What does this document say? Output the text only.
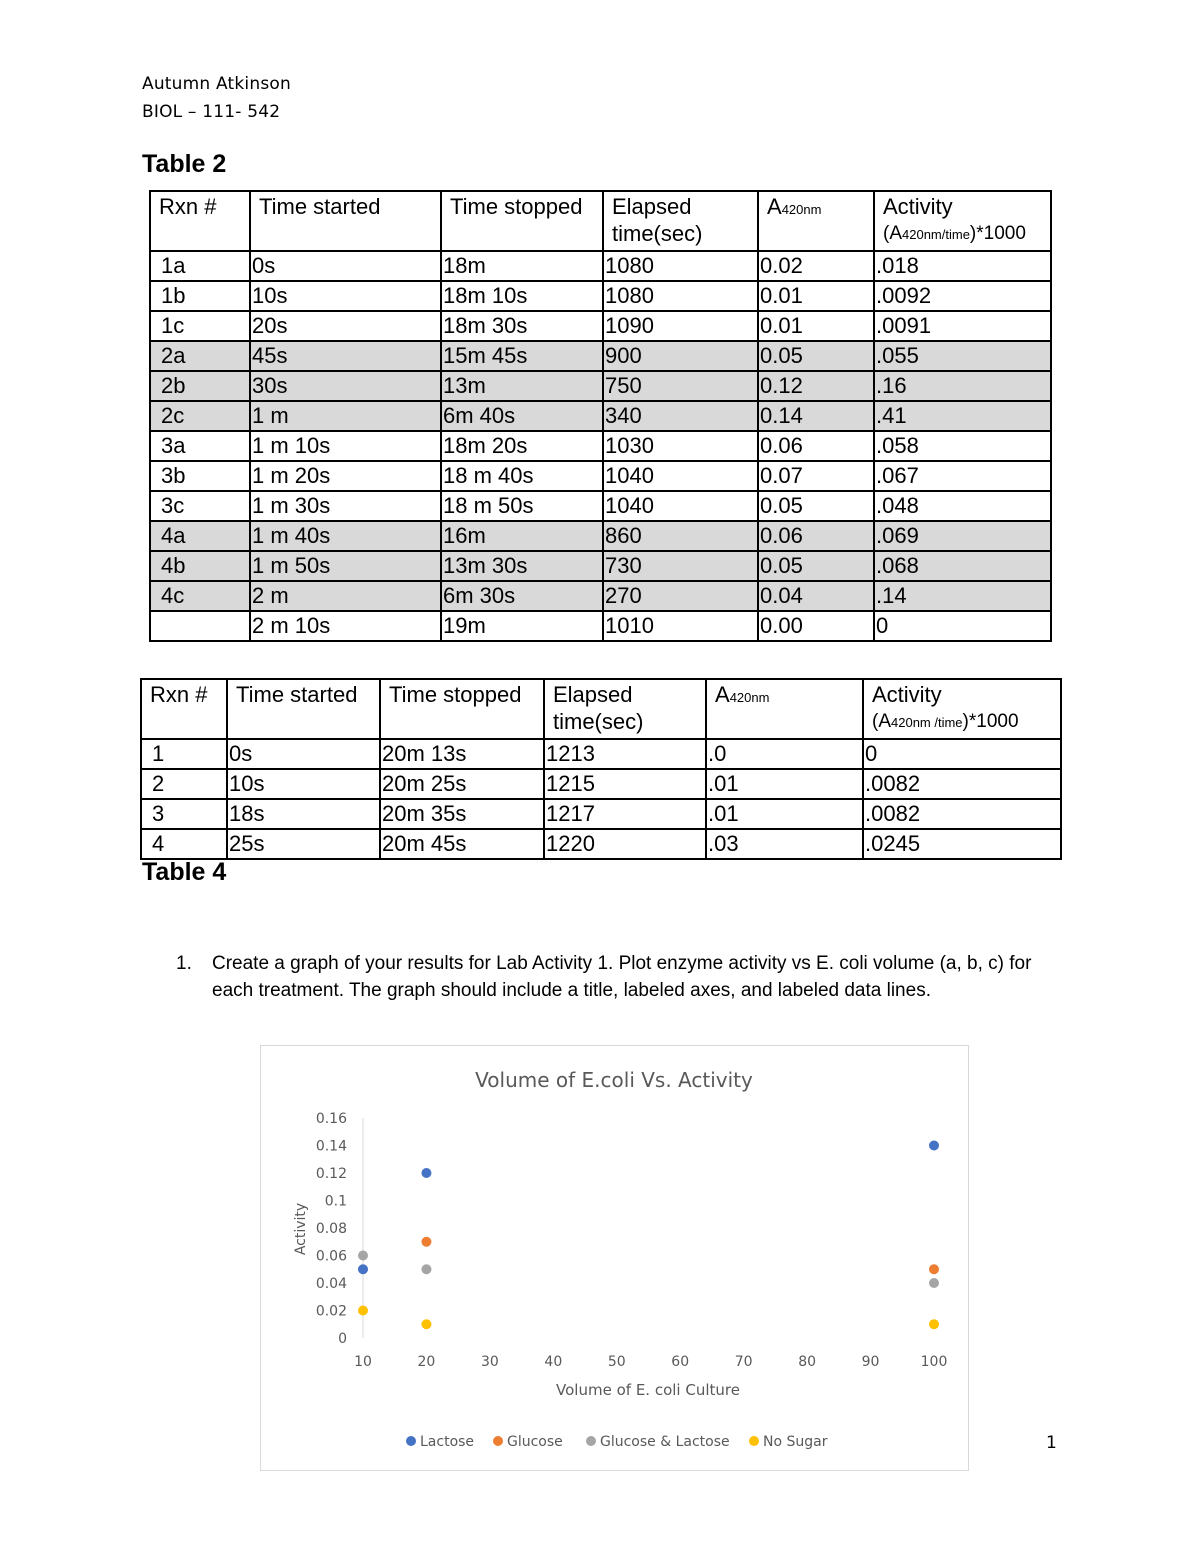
Autumn Atkinson
BIOL – 111- 542
Table 2
Rxn #	Time started	Time stopped	Elapsed time(sec)	A420nm	Activity
(A420nm/time)*1000

1a	0s	18m	1080	0.02	.018
1b	10s	18m 10s	1080	0.01	.0092
1c	20s	18m 30s	1090	0.01	.0091
2a	45s	15m 45s	900	0.05	.055
2b	30s	13m	750	0.12	.16
2c	1 m	6m 40s	340	0.14	.41
3a	1 m 10s	18m 20s	1030	0.06	.058
3b	1 m 20s	18 m 40s	1040	0.07	.067
3c	1 m 30s	18 m 50s	1040	0.05	.048
4a	1 m 40s	16m	860	0.06	.069
4b	1 m 50s	13m 30s	730	0.05	.068
4c	2 m	6m 30s	270	0.04	.14
	2 m 10s	19m	1010	0.00	0
Rxn #	Time started	Time stopped	Elapsed time(sec)	A420nm	Activity
(A420nm /time)*1000

1	0s	20m 13s	1213	.0	0
2	10s	20m 25s	1215	.01	.0082
3	18s	20m 35s	1217	.01	.0082
4	25s	20m 45s	1220	.03	.0245
Table 4
1. Create a graph of your results for Lab Activity 1. Plot enzyme activity vs E. coli volume (a, b, c) for each treatment. The graph should include a title, labeled axes, and labeled data lines.
Volume of E.coli Vs. Activity
0
0.02
0.04
0.06
0.08
0.1
0.12
0.14
0.16
10	20	30	40	50	60	70	80	90	100
Activity
Volume of E. coli Culture
Lactose Glucose	Glucose & Lactose No Sugar	1
